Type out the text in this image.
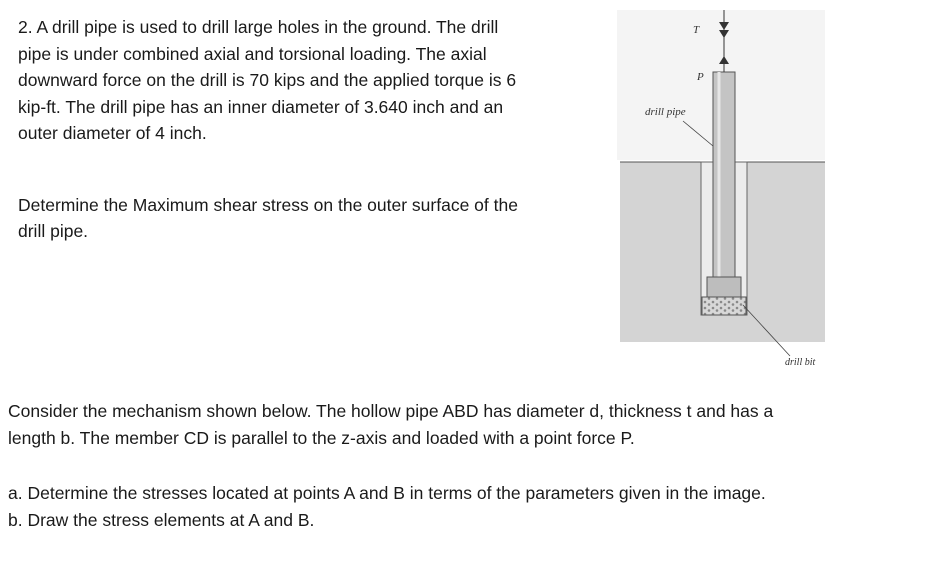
2. A drill pipe is used to drill large holes in the ground. The drill
pipe is under combined axial and torsional loading. The axial
downward force on the drill is 70 kips and the applied torque is 6
kip-ft. The drill pipe has an inner diameter of 3.640 inch and an
outer diameter of 4 inch.

Determine the Maximum shear stress on the outer surface of the
drill pipe.

T
P
drill pipe
drill bit

Consider the mechanism shown below. The hollow pipe ABD has diameter d, thickness t and has a
length b. The member CD is parallel to the z-axis and loaded with a point force P.

a. Determine the stresses located at points A and B in terms of the parameters given in the image.
b. Draw the stress elements at A and B.
